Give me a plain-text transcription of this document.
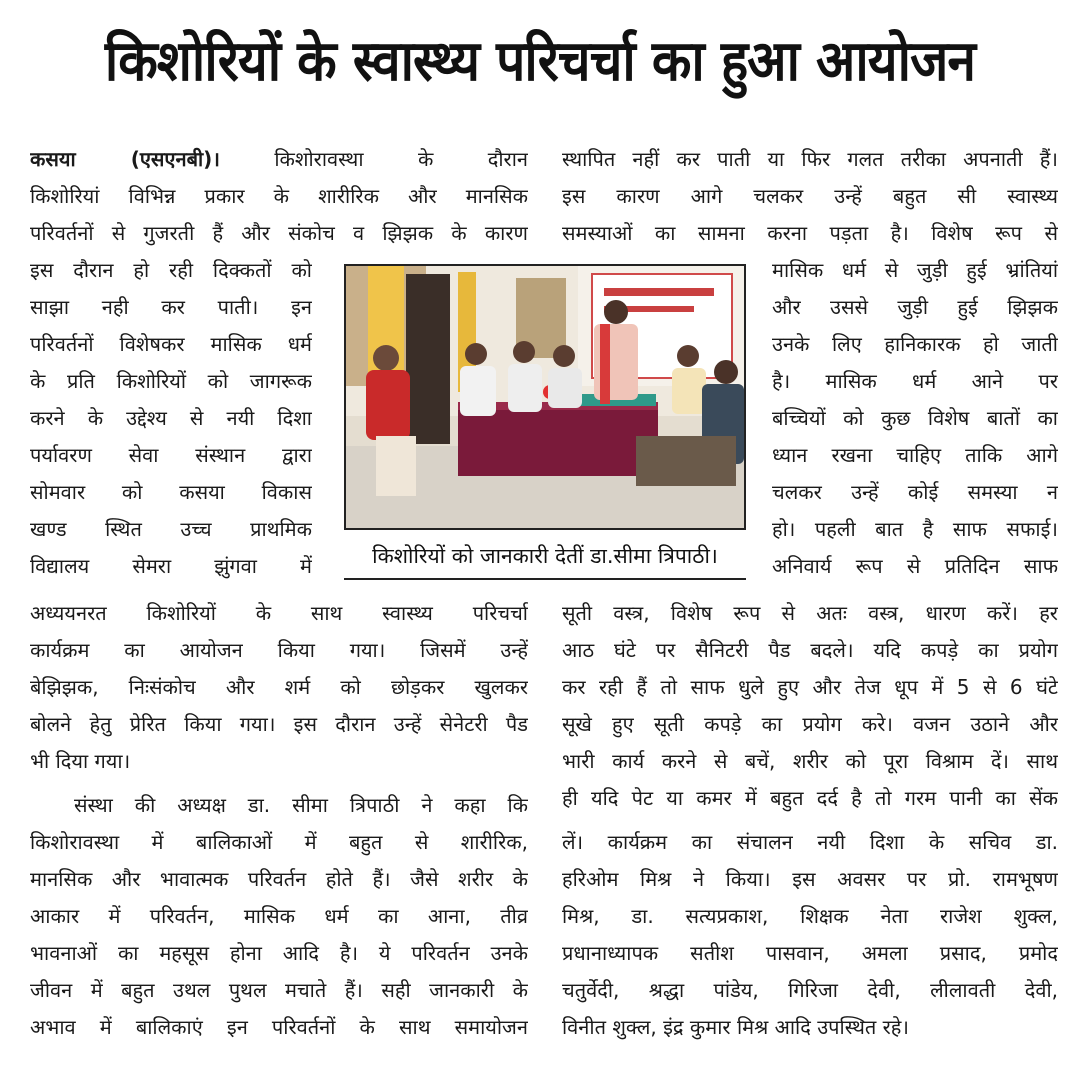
किशोरियों के स्वास्थ्य परिचर्चा का हुआ आयोजन
कसया (एसएनबी)।	किशोरावस्था के दौरान
किशोरियां विभिन्न प्रकार के शारीरिक और मानसिक
परिवर्तनों से गुजरती हैं और संकोच व झिझक के कारण
इस दौरान हो रही दिक्कतों को
साझा नही कर पाती। इन
परिवर्तनों विशेषकर मासिक धर्म
के प्रति किशोरियों को जागरूक
करने के उद्देश्य से नयी दिशा
पर्यावरण सेवा संस्थान द्वारा
सोमवार को कसया विकास
खण्ड स्थित उच्च प्राथमिक
विद्यालय सेमरा झुंगवा में
अध्ययनरत किशोरियों के साथ स्वास्थ्य परिचर्चा
कार्यक्रम का आयोजन किया गया। जिसमें उन्हें
बेझिझक, निःसंकोच और शर्म को छोड़कर खुलकर
बोलने हेतु प्रेरित किया गया। इस दौरान उन्हें सेनेटरी पैड
भी दिया गया।
संस्था की अध्यक्ष डा. सीमा त्रिपाठी ने कहा कि
किशोरावस्था में बालिकाओं में बहुत से शारीरिक,
मानसिक और भावात्मक परिवर्तन होते हैं। जैसे शरीर के
आकार में परिवर्तन, मासिक धर्म का आना, तीव्र
भावनाओं का महसूस होना आदि है। ये परिवर्तन उनके
जीवन में बहुत उथल पुथल मचाते हैं। सही जानकारी के
अभाव में बालिकाएं इन परिवर्तनों के साथ समायोजन
किशोरियों को जानकारी देतीं डा.सीमा त्रिपाठी।
स्थापित नहीं कर पाती या फिर गलत तरीका अपनाती हैं।
इस कारण आगे चलकर उन्हें बहुत सी स्वास्थ्य
समस्याओं का सामना करना पड़ता है। विशेष रूप से
मासिक धर्म से जुड़ी हुई भ्रांतियां
और उससे जुड़ी हुई झिझक
उनके लिए हानिकारक हो जाती
है। मासिक धर्म आने पर
बच्चियों को कुछ विशेष बातों का
ध्यान रखना चाहिए ताकि आगे
चलकर उन्हें कोई समस्या न
हो। पहली बात है साफ सफाई।
अनिवार्य रूप से प्रतिदिन साफ
सूती वस्त्र, विशेष रूप से अतः वस्त्र, धारण करें। हर
आठ घंटे पर सैनिटरी पैड बदले। यदि कपड़े का प्रयोग
कर रही हैं तो साफ धुले हुए और तेज धूप में 5 से 6 घंटे
सूखे हुए सूती कपड़े का प्रयोग करे। वजन उठाने और
भारी कार्य करने से बचें, शरीर को पूरा विश्राम दें। साथ
ही यदि पेट या कमर में बहुत दर्द है तो गरम पानी का सेंक
लें। कार्यक्रम का संचालन नयी दिशा के सचिव डा.
हरिओम मिश्र ने किया। इस अवसर पर प्रो. रामभूषण
मिश्र, डा. सत्यप्रकाश, शिक्षक नेता राजेश शुक्ल,
प्रधानाध्यापक सतीश पासवान, अमला प्रसाद, प्रमोद
चतुर्वेदी, श्रद्धा पांडेय, गिरिजा देवी, लीलावती देवी,
विनीत शुक्ल, इंद्र कुमार मिश्र आदि उपस्थित रहे।
